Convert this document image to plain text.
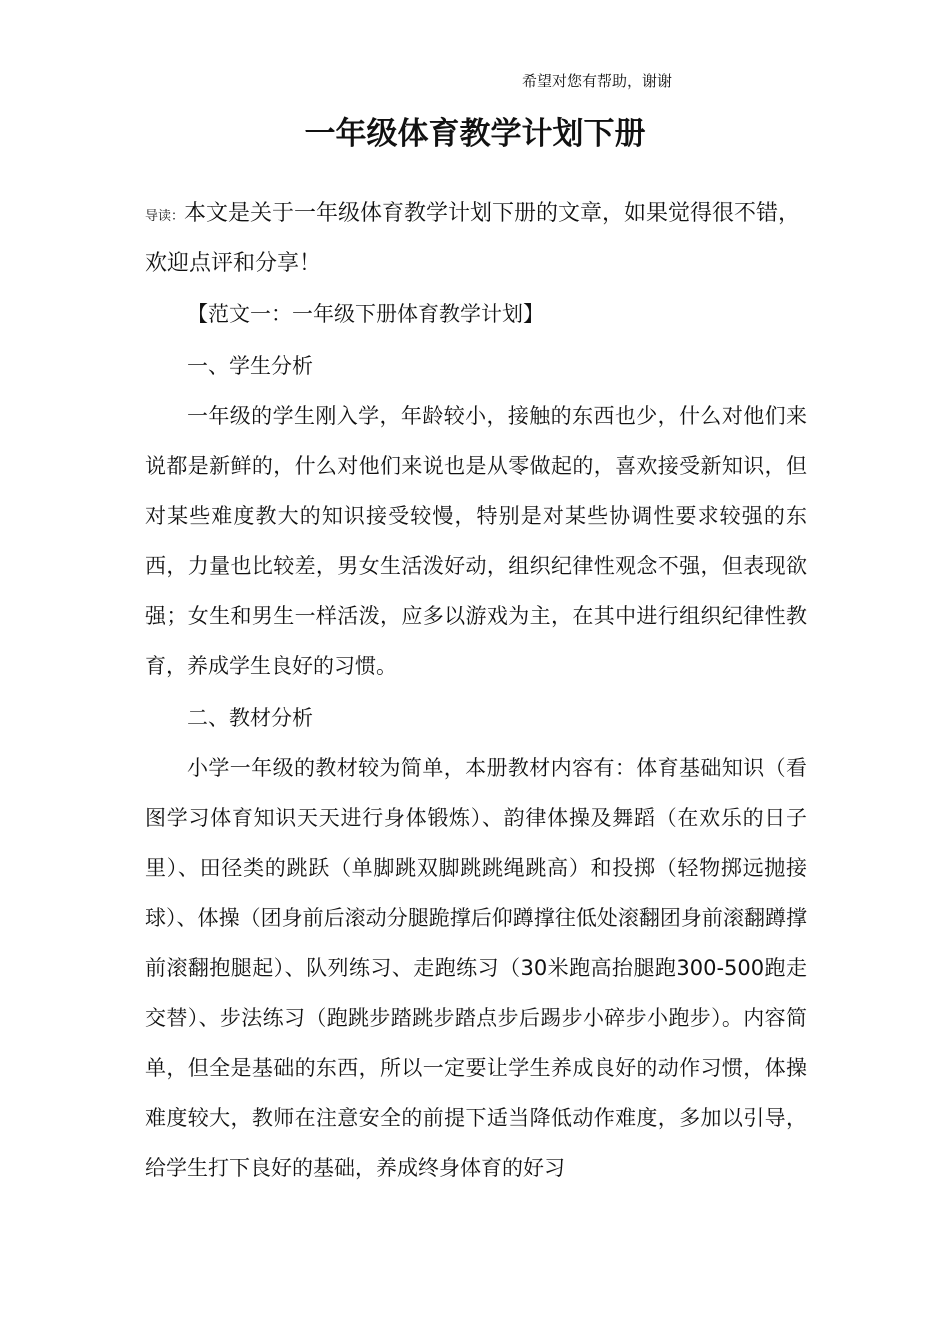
希望对您有帮助，谢谢
一年级体育教学计划下册

导读：本文是关于一年级体育教学计划下册的文章，如果觉得很不错，欢迎点评和分享！

【范文一：一年级下册体育教学计划】

一、学生分析

一年级的学生刚入学，年龄较小，接触的东西也少，什么对他们来说都是新鲜的，什么对他们来说也是从零做起的，喜欢接受新知识，但对某些难度教大的知识接受较慢，特别是对某些协调性要求较强的东西，力量也比较差，男女生活泼好动，组织纪律性观念不强，但表现欲强；女生和男生一样活泼，应多以游戏为主，在其中进行组织纪律性教育，养成学生良好的习惯。

二、教材分析

小学一年级的教材较为简单，本册教材内容有：体育基础知识（看图学习体育知识天天进行身体锻炼）、韵律体操及舞蹈（在欢乐的日子里）、田径类的跳跃（单脚跳双脚跳跳绳跳高）和投掷（轻物掷远抛接球）、体操（团身前后滚动分腿跪撑后仰蹲撑往低处滚翻团身前滚翻蹲撑前滚翻抱腿起）、队列练习、走跑练习（30米跑高抬腿跑300-500跑走交替）、步法练习（跑跳步踏跳步踏点步后踢步小碎步小跑步）。内容简单，但全是基础的东西，所以一定要让学生养成良好的动作习惯，体操难度较大，教师在注意安全的前提下适当降低动作难度，多加以引导，给学生打下良好的基础，养成终身体育的好习
